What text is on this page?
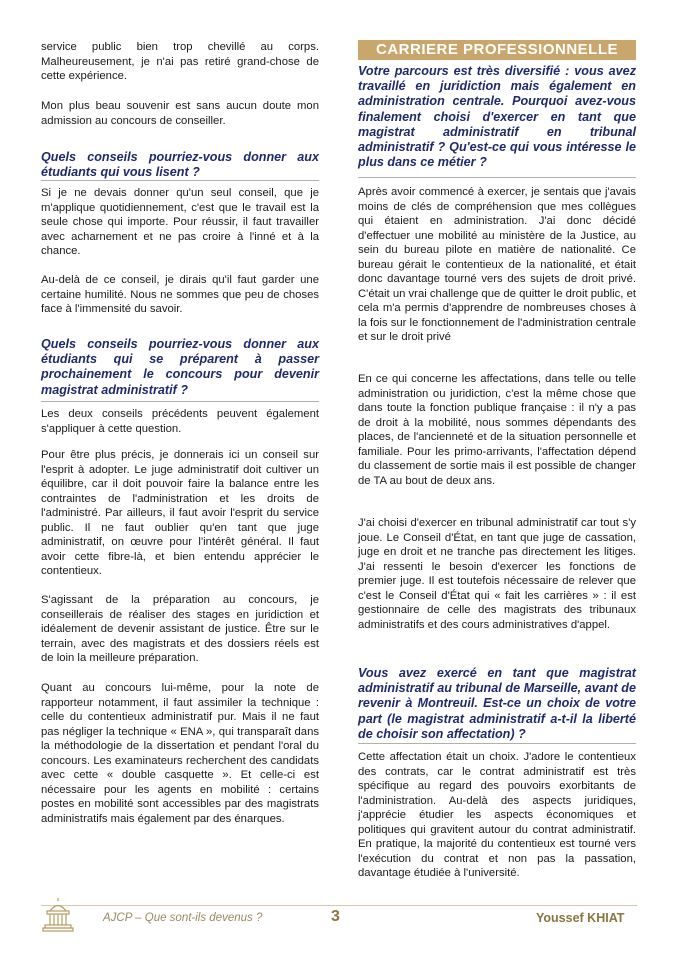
service public bien trop chevillé au corps. Malheureusement, je n'ai pas retiré grand-chose de cette expérience.

Mon plus beau souvenir est sans aucun doute mon admission au concours de conseiller.

Quels conseils pourriez-vous donner aux étudiants qui vous lisent ?

Si je ne devais donner qu'un seul conseil, que je m'applique quotidiennement, c'est que le travail est la seule chose qui importe. Pour réussir, il faut travailler avec acharnement et ne pas croire à l'inné et à la chance.

Au-delà de ce conseil, je dirais qu'il faut garder une certaine humilité. Nous ne sommes que peu de choses face à l'immensité du savoir.

Quels conseils pourriez-vous donner aux étudiants qui se préparent à passer prochainement le concours pour devenir magistrat administratif ?

Les deux conseils précédents peuvent également s'appliquer à cette question.

Pour être plus précis, je donnerais ici un conseil sur l'esprit à adopter. Le juge administratif doit cultiver un équilibre, car il doit pouvoir faire la balance entre les contraintes de l'administration et les droits de l'administré. Par ailleurs, il faut avoir l'esprit du service public. Il ne faut oublier qu'en tant que juge administratif, on œuvre pour l'intérêt général. Il faut avoir cette fibre-là, et bien entendu apprécier le contentieux.

S'agissant de la préparation au concours, je conseillerais de réaliser des stages en juridiction et idéalement de devenir assistant de justice. Être sur le terrain, avec des magistrats et des dossiers réels est de loin la meilleure préparation.

Quant au concours lui-même, pour la note de rapporteur notamment, il faut assimiler la technique : celle du contentieux administratif pur. Mais il ne faut pas négliger la technique « ENA », qui transparaît dans la méthodologie de la dissertation et pendant l'oral du concours. Les examinateurs recherchent des candidats avec cette « double casquette ». Et celle-ci est nécessaire pour les agents en mobilité : certains postes en mobilité sont accessibles par des magistrats administratifs mais également par des énarques.

CARRIERE PROFESSIONNELLE
Votre parcours est très diversifié : vous avez travaillé en juridiction mais également en administration centrale. Pourquoi avez-vous finalement choisi d'exercer en tant que magistrat administratif en tribunal administratif ? Qu'est-ce qui vous intéresse le plus dans ce métier ?

Après avoir commencé à exercer, je sentais que j'avais moins de clés de compréhension que mes collègues qui étaient en administration. J'ai donc décidé d'effectuer une mobilité au ministère de la Justice, au sein du bureau pilote en matière de nationalité. Ce bureau gérait le contentieux de la nationalité, et était donc davantage tourné vers des sujets de droit privé. C'était un vrai challenge que de quitter le droit public, et cela m'a permis d'apprendre de nombreuses choses à la fois sur le fonctionnement de l'administration centrale et sur le droit privé

En ce qui concerne les affectations, dans telle ou telle administration ou juridiction, c'est la même chose que dans toute la fonction publique française : il n'y a pas de droit à la mobilité, nous sommes dépendants des places, de l'ancienneté et de la situation personnelle et familiale. Pour les primo-arrivants, l'affectation dépend du classement de sortie mais il est possible de changer de TA au bout de deux ans.

J'ai choisi d'exercer en tribunal administratif car tout s'y joue. Le Conseil d'État, en tant que juge de cassation, juge en droit et ne tranche pas directement les litiges. J'ai ressenti le besoin d'exercer les fonctions de premier juge. Il est toutefois nécessaire de relever que c'est le Conseil d'État qui « fait les carrières » : il est gestionnaire de celle des magistrats des tribunaux administratifs et des cours administratives d'appel.

Vous avez exercé en tant que magistrat administratif au tribunal de Marseille, avant de revenir à Montreuil. Est-ce un choix de votre part (le magistrat administratif a-t-il la liberté de choisir son affectation) ?

Cette affectation était un choix. J'adore le contentieux des contrats, car le contrat administratif est très spécifique au regard des pouvoirs exorbitants de l'administration. Au-delà des aspects juridiques, j'apprécie étudier les aspects économiques et politiques qui gravitent autour du contrat administratif. En pratique, la majorité du contentieux est tourné vers l'exécution du contrat et non pas la passation, davantage étudiée à l'université.

AJCP – Que sont-ils devenus ?	3	Youssef KHIAT
